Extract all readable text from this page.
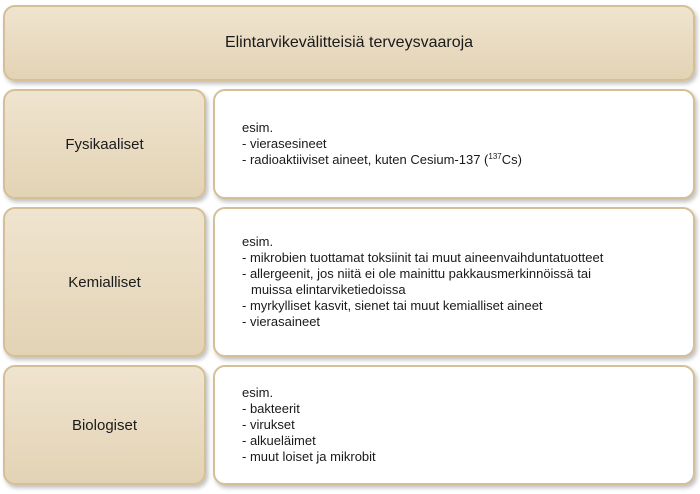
Elintarvikevälitteisiä terveysvaaroja
Fysikaaliset
esim.
- vierasesineet
- radioaktiiviset aineet, kuten Cesium-137 ($^{137}$Cs)
Kemialliset
esim.
- mikrobien tuottamat toksiinit tai muut aineenvaihduntatuotteet
- allergeenit, jos niitä ei ole mainittu pakkausmerkinnöissä tai
muissa elintarviketiedoissa
- myrkylliset kasvit, sienet tai muut kemialliset aineet
- vierasaineet
Biologiset
esim.
- bakteerit
- virukset
- alkueläimet
- muut loiset ja mikrobit
